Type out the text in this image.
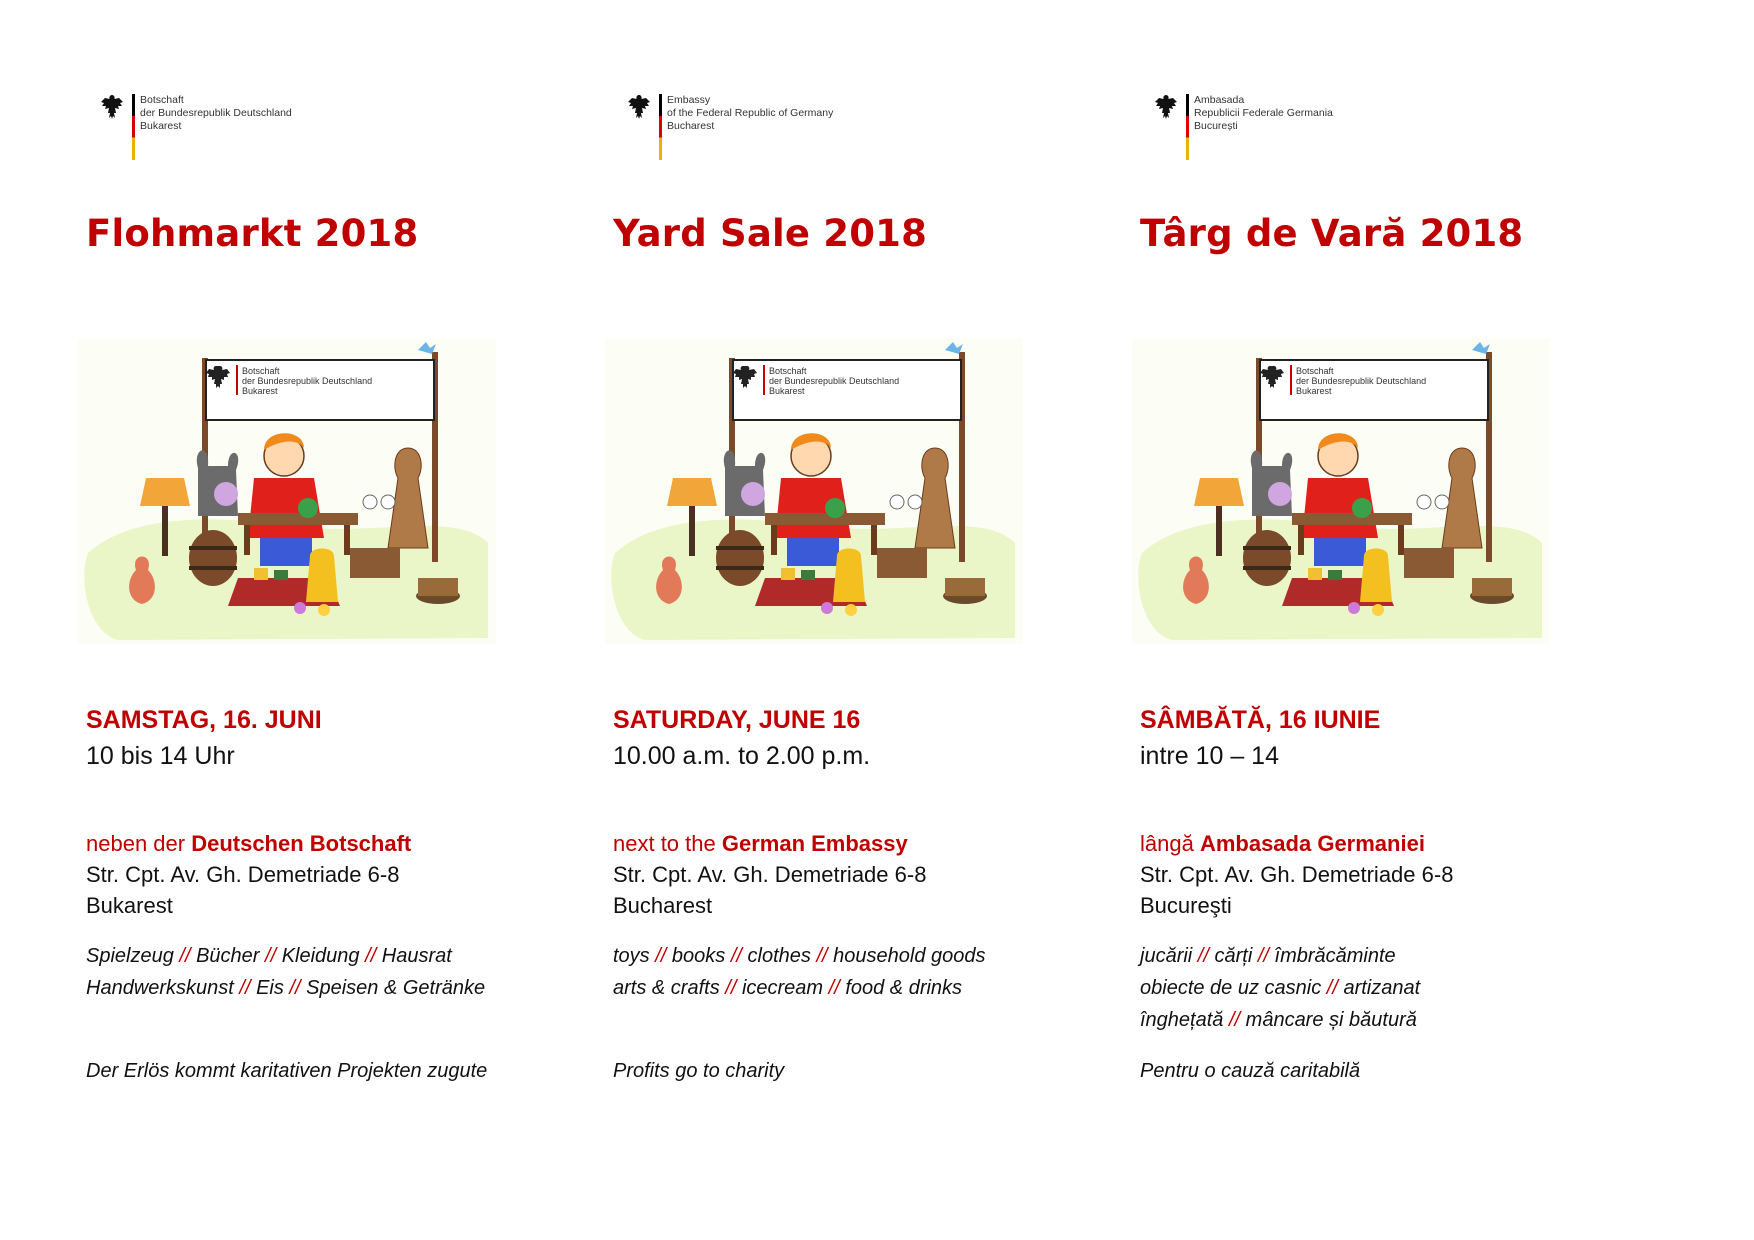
Botschaft
der Bundesrepublik Deutschland
Bukarest
Flohmarkt 2018
Botschaft
der Bundesrepublik Deutschland
Bukarest
SAMSTAG, 16. JUNI
10 bis 14 Uhr
neben der Deutschen Botschaft
Str. Cpt. Av. Gh. Demetriade 6-8
Bukarest
Spielzeug // Bücher // Kleidung // Hausrat
Handwerkskunst // Eis // Speisen & Getränke
Der Erlös kommt karitativen Projekten zugute
Embassy
of the Federal Republic of Germany
Bucharest
Yard Sale 2018
Botschaft
der Bundesrepublik Deutschland
Bukarest
SATURDAY, JUNE 16
10.00 a.m. to 2.00 p.m.
next to the German Embassy
Str. Cpt. Av. Gh. Demetriade 6-8
Bucharest
toys // books // clothes // household goods
arts & crafts // icecream // food & drinks
Profits go to charity
Ambasada
Republicii Federale Germania
București
Târg de Vară 2018
Botschaft
der Bundesrepublik Deutschland
Bukarest
SÂMBĂTĂ, 16 IUNIE
intre 10 – 14
lângă Ambasada Germaniei
Str. Cpt. Av. Gh. Demetriade 6-8
Bucureşti
jucării // cărți // îmbrăcăminte
obiecte de uz casnic // artizanat
înghețată // mâncare și băutură
Pentru o cauză caritabilă
